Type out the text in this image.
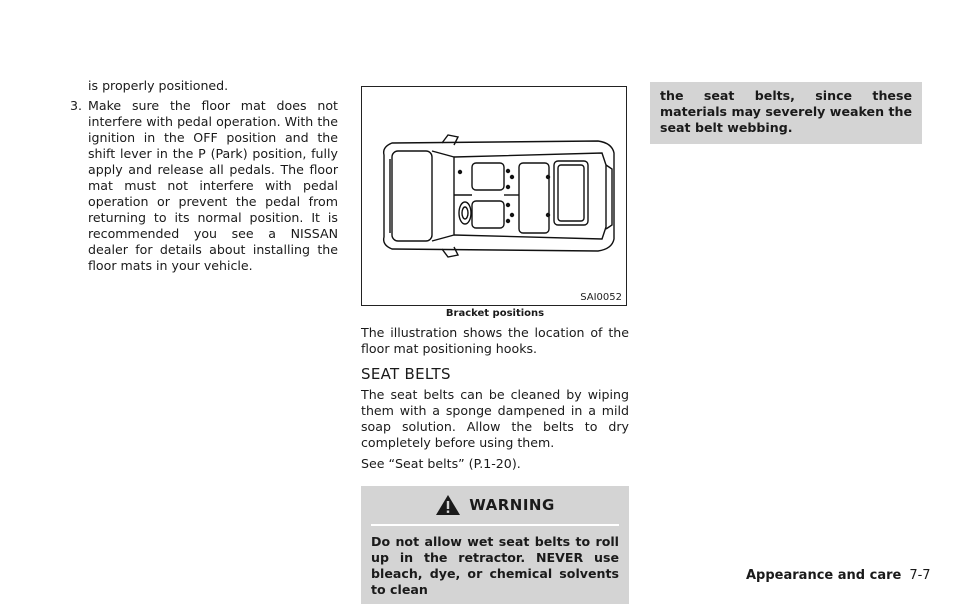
is properly positioned.

3. Make sure the floor mat does not interfere with pedal operation. With the ignition in the OFF position and the shift lever in the P (Park) position, fully apply and release all pedals. The floor mat must not interfere with pedal operation or prevent the pedal from returning to its normal position. It is recommended you see a NISSAN dealer for details about installing the floor mats in your vehicle.

SAI0052
Bracket positions

The illustration shows the location of the floor mat positioning hooks.

SEAT BELTS

The seat belts can be cleaned by wiping them with a sponge dampened in a mild soap solution. Allow the belts to dry completely before using them.

See “Seat belts” (P.1-20).

WARNING
Do not allow wet seat belts to roll up in the retractor. NEVER use bleach, dye, or chemical solvents to clean
the seat belts, since these materials may severely weaken the seat belt webbing.
Appearance and care 7-7
